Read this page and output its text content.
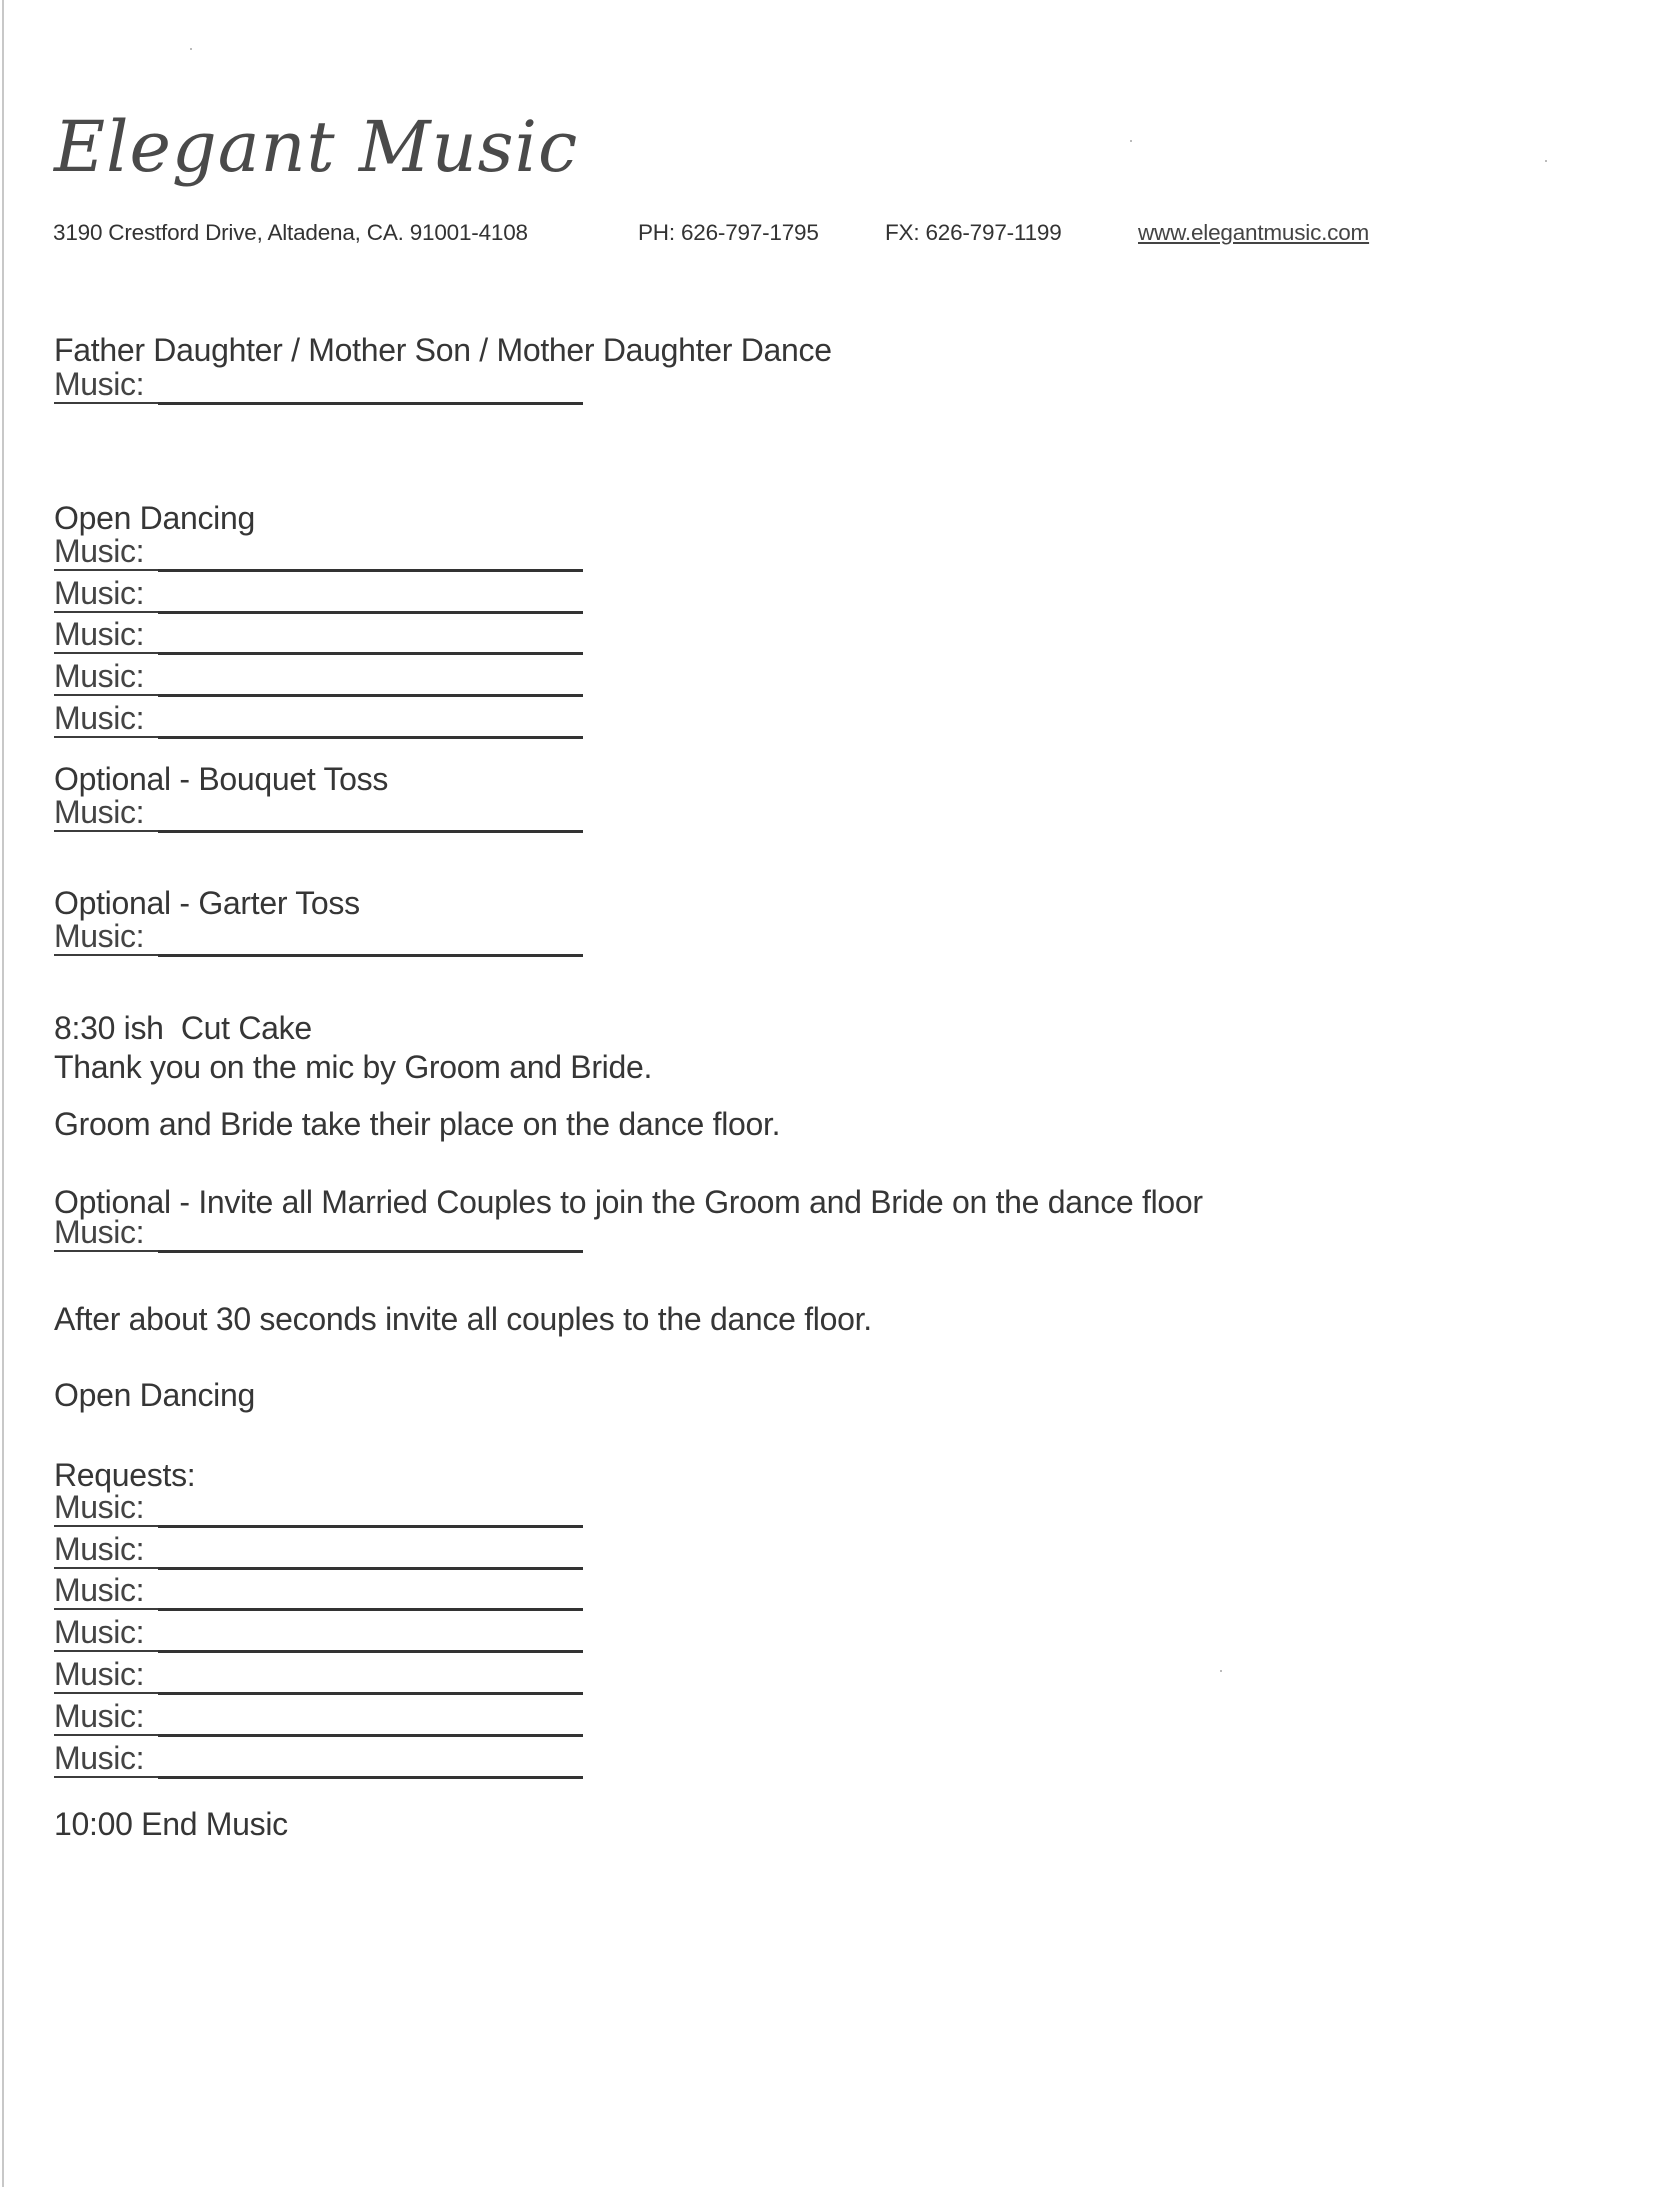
Elegant Music
3190 Crestford Drive, Altadena, CA. 91001-4108	PH: 626-797-1795	FX: 626-797-1199	www.elegantmusic.com
Father Daughter / Mother Son / Mother Daughter Dance
Music:
Open Dancing
Music:
Music:
Music:
Music:
Music:
Optional - Bouquet Toss
Music:
Optional - Garter Toss
Music:
8:30 ish  Cut Cake
Thank you on the mic by Groom and Bride.
Groom and Bride take their place on the dance floor.
Optional - Invite all Married Couples to join the Groom and Bride on the dance floor
Music:
After about 30 seconds invite all couples to the dance floor.
Open Dancing
Requests:
Music:
Music:
Music:
Music:
Music:
Music:
Music:
10:00 End Music
